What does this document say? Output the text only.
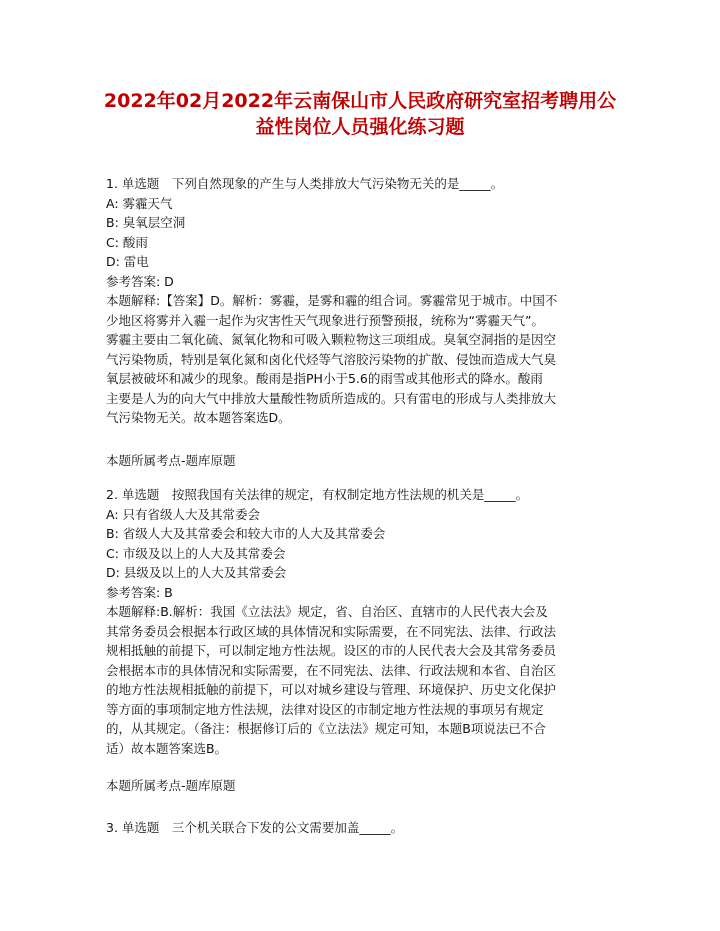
2022年02月2022年云南保山市人民政府研究室招考聘用公
益性岗位人员强化练习题
1. 单选题　下列自然现象的产生与人类排放大气污染物无关的是_____。
A: 雾霾天气
B: 臭氧层空洞
C: 酸雨
D: 雷电
参考答案: D
本题解释:【答案】D。解析：雾霾，是雾和霾的组合词。雾霾常见于城市。中国不
少地区将雾并入霾一起作为灾害性天气现象进行预警预报，统称为“雾霾天气”。
雾霾主要由二氧化硫、氮氧化物和可吸入颗粒物这三项组成。臭氧空洞指的是因空
气污染物质，特别是氧化氮和卤化代烃等气溶胶污染物的扩散、侵蚀而造成大气臭
氧层被破坏和减少的现象。酸雨是指PH小于5.6的雨雪或其他形式的降水。酸雨
主要是人为的向大气中排放大量酸性物质所造成的。只有雷电的形成与人类排放大
气污染物无关。故本题答案选D。
本题所属考点-题库原题
2. 单选题　按照我国有关法律的规定，有权制定地方性法规的机关是_____。
A: 只有省级人大及其常委会
B: 省级人大及其常委会和较大市的人大及其常委会
C: 市级及以上的人大及其常委会
D: 县级及以上的人大及其常委会
参考答案: B
本题解释:B.解析：我国《立法法》规定，省、自治区、直辖市的人民代表大会及
其常务委员会根据本行政区域的具体情况和实际需要，在不同宪法、法律、行政法
规相抵触的前提下，可以制定地方性法规。设区的市的人民代表大会及其常务委员
会根据本市的具体情况和实际需要，在不同宪法、法律、行政法规和本省、自治区
的地方性法规相抵触的前提下，可以对城乡建设与管理、环境保护、历史文化保护
等方面的事项制定地方性法规，法律对设区的市制定地方性法规的事项另有规定
的，从其规定。（备注：根据修订后的《立法法》规定可知，本题B项说法已不合
适）故本题答案选B。
本题所属考点-题库原题
3. 单选题　三个机关联合下发的公文需要加盖_____。
